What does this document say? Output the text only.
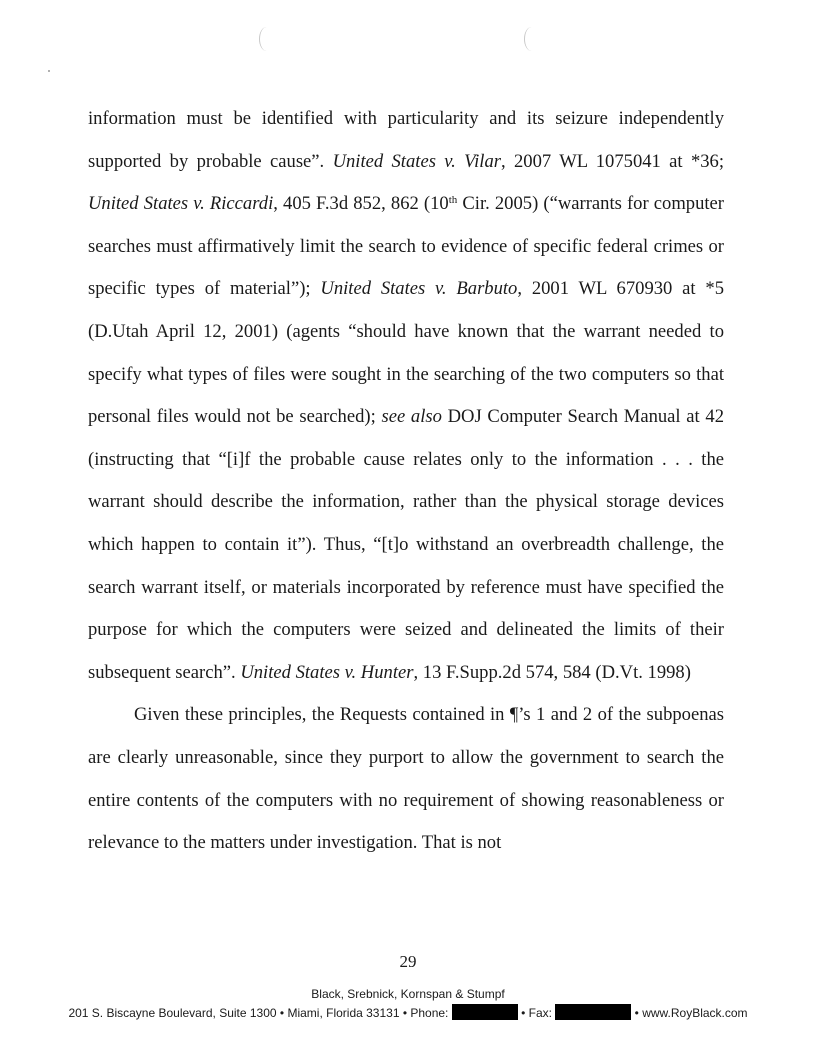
information must be identified with particularity and its seizure independently supported by probable cause”. United States v. Vilar, 2007 WL 1075041 at *36; United States v. Riccardi, 405 F.3d 852, 862 (10th Cir. 2005) (“warrants for computer searches must affirmatively limit the search to evidence of specific federal crimes or specific types of material”); United States v. Barbuto, 2001 WL 670930 at *5 (D.Utah April 12, 2001) (agents “should have known that the warrant needed to specify what types of files were sought in the searching of the two computers so that personal files would not be searched); see also DOJ Computer Search Manual at 42 (instructing that “[i]f the probable cause relates only to the information . . . the warrant should describe the information, rather than the physical storage devices which happen to contain it”). Thus, “[t]o withstand an overbreadth challenge, the search warrant itself, or materials incorporated by reference must have specified the purpose for which the computers were seized and delineated the limits of their subsequent search”. United States v. Hunter, 13 F.Supp.2d 574, 584 (D.Vt. 1998)

Given these principles, the Requests contained in ¶’s 1 and 2 of the subpoenas are clearly unreasonable, since they purport to allow the government to search the entire contents of the computers with no requirement of showing reasonableness or relevance to the matters under investigation. That is not

29
Black, Srebnick, Kornspan & Stumpf
201 S. Biscayne Boulevard, Suite 1300 • Miami, Florida 33131 • Phone:	• Fax:	• www.RoyBlack.com
